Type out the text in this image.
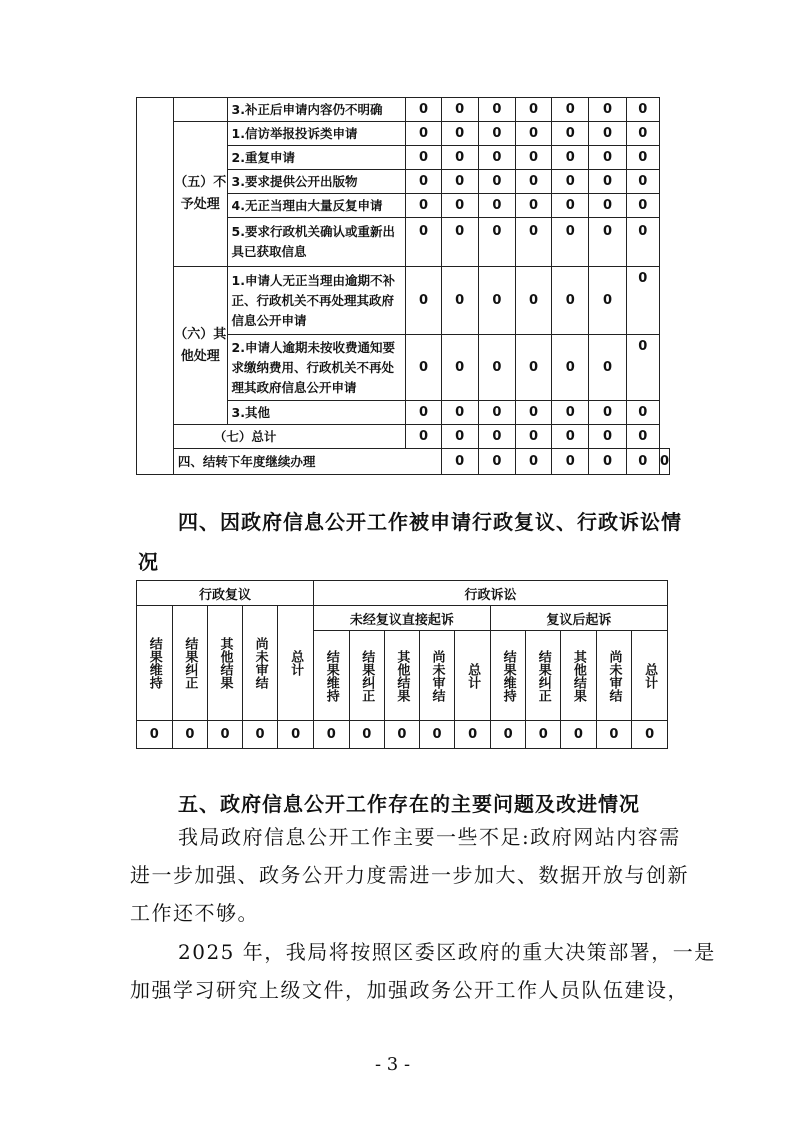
		3.补正后申请内容仍不明确	0	0	0	0	0	0	0	
	（五）不予处理	1.信访举报投诉类申请	0	0	0	0	0	0	0	
		2.重复申请	0	0	0	0	0	0	0	
		3.要求提供公开出版物	0	0	0	0	0	0	0	
		4.无正当理由大量反复申请	0	0	0	0	0	0	0	
		5.要求行政机关确认或重新出具已获取信息	0	0	0	0	0	0	0	
	（六）其他处理	1.申请人无正当理由逾期不补正、行政机关不再处理其政府信息公开申请	0	0	0	0	0	0	0	
		2.申请人逾期未按收费通知要求缴纳费用、行政机关不再处理其政府信息公开申请	0	0	0	0	0	0	0	
		3.其他	0	0	0	0	0	0	0	
	（七）总计		0	0	0	0	0	0	0	
	四、结转下年度继续办理			0	0	0	0	0	0	0
四、因政府信息公开工作被申请行政复议、行政诉讼情
况
行政复议					行政诉讼									
结果维持	结果纠正	其他结果	尚未审结	总计	未经复议直接起诉					复议后起诉				
					结果维持	结果纠正	其他结果	尚未审结	总计	结果维持	结果纠正	其他结果	尚未审结	总计
0	0	0	0	0	0	0	0	0	0	0	0	0	0	0
五、政府信息公开工作存在的主要问题及改进情况
我局政府信息公开工作主要一些不足:政府网站内容需
进一步加强、政务公开力度需进一步加大、数据开放与创新
工作还不够。
2025 年，我局将按照区委区政府的重大决策部署，一是
加强学习研究上级文件，加强政务公开工作人员队伍建设，
- 3 -
